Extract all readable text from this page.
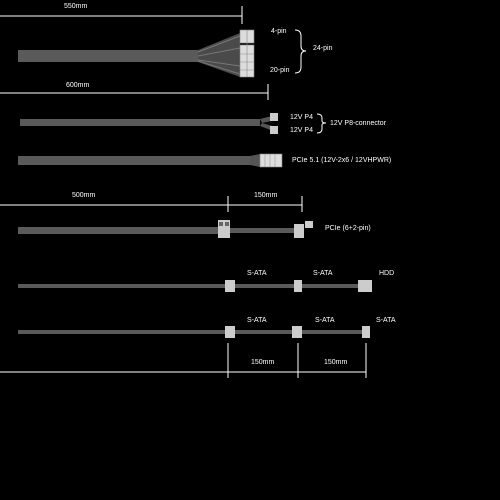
550mm
4-pin
24-pin
20-pin
600mm
12V P4
12V P8-connector
12V P4
PCIe 5.1 (12V-2x6 / 12VHPWR)
500mm	150mm
PCIe (6+2-pin)
S-ATA	S-ATA	HDD
S-ATA	S-ATA	S-ATA
150mm	150mm
